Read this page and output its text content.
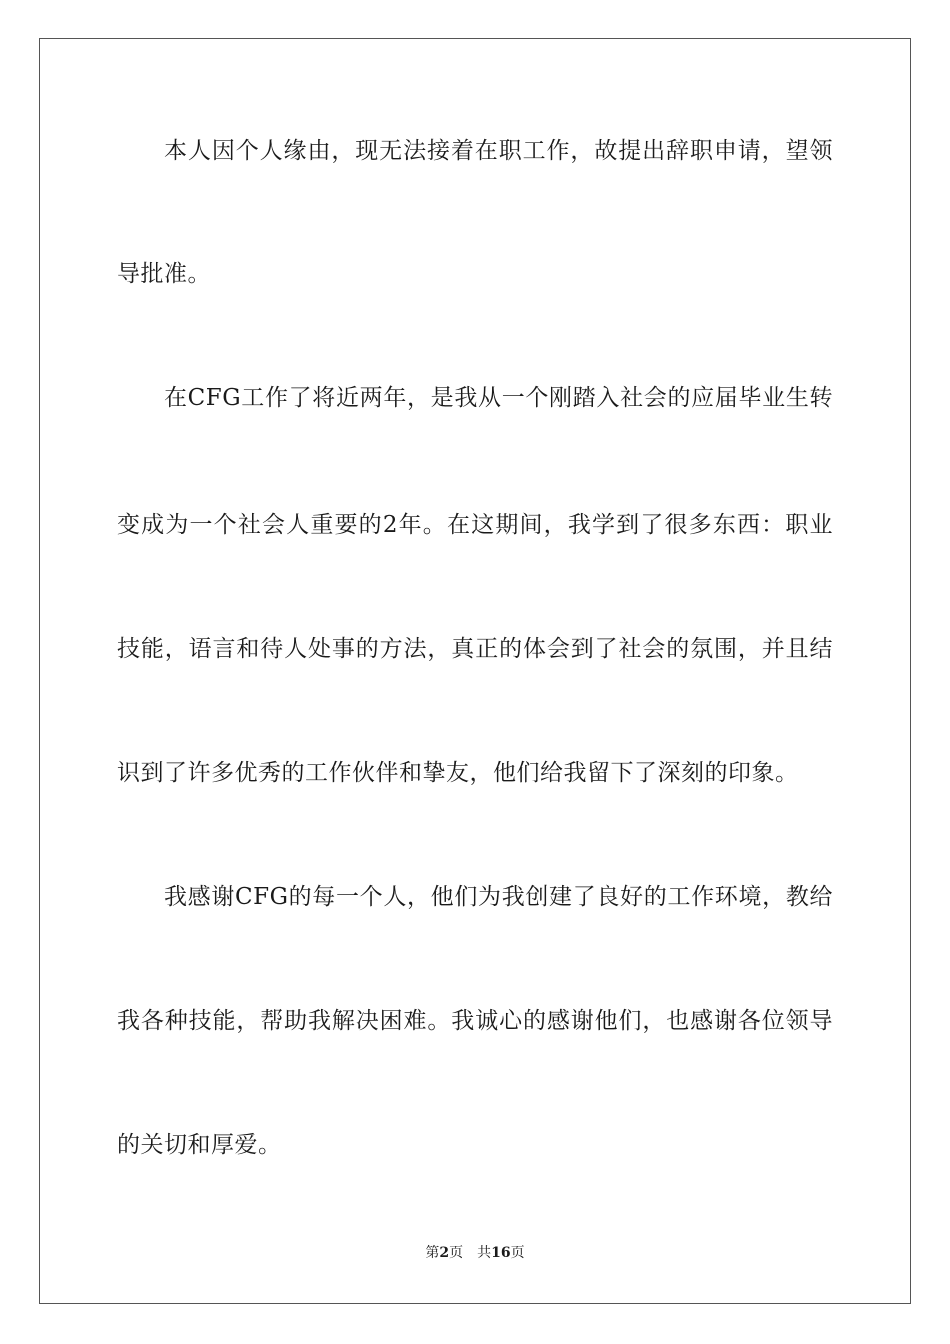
本人因个人缘由，现无法接着在职工作，故提出辞职申请，望领
导批准。
在CFG工作了将近两年，是我从一个刚踏入社会的应届毕业生转
变成为一个社会人重要的2年。在这期间，我学到了很多东西：职业
技能，语言和待人处事的方法，真正的体会到了社会的氛围，并且结
识到了许多优秀的工作伙伴和挚友，他们给我留下了深刻的印象。
我感谢CFG的每一个人，他们为我创建了良好的工作环境，教给
我各种技能，帮助我解决困难。我诚心的感谢他们，也感谢各位领导
的关切和厚爱。
第2页 共16页
